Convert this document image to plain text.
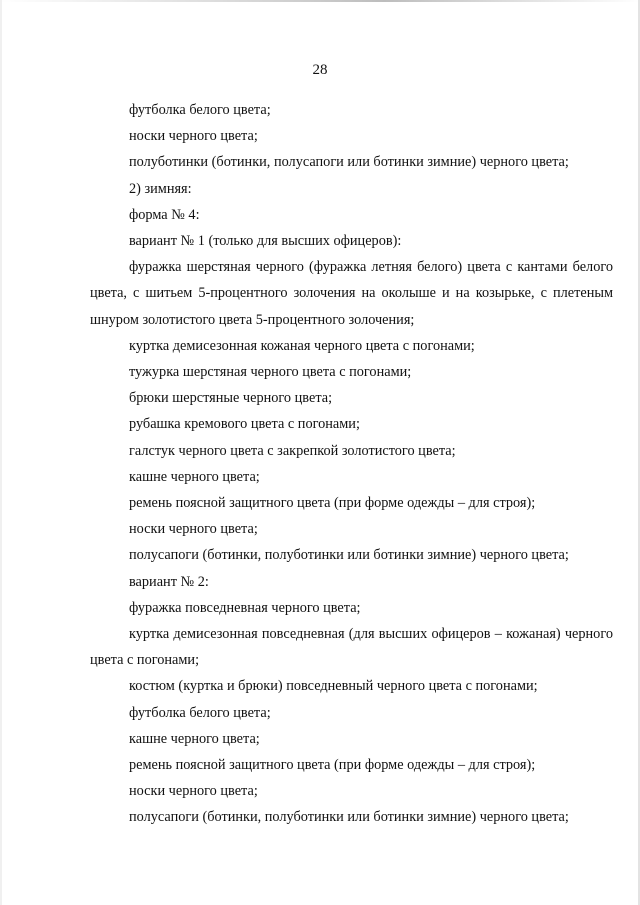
28

футболка белого цвета;

носки черного цвета;

полуботинки (ботинки, полусапоги или ботинки зимние) черного цвета;

2) зимняя:

форма № 4:

вариант № 1 (только для высших офицеров):

фуражка шерстяная черного (фуражка летняя белого) цвета с кантами белого цвета, с шитьем 5-процентного золочения на околыше и на козырьке, с плетеным шнуром золотистого цвета 5-процентного золочения;

куртка демисезонная кожаная черного цвета с погонами;

тужурка шерстяная черного цвета с погонами;

брюки шерстяные черного цвета;

рубашка кремового цвета с погонами;

галстук черного цвета с закрепкой золотистого цвета;

кашне черного цвета;

ремень поясной защитного цвета (при форме одежды – для строя);

носки черного цвета;

полусапоги (ботинки, полуботинки или ботинки зимние) черного цвета;

вариант № 2:

фуражка повседневная черного цвета;

куртка демисезонная повседневная (для высших офицеров – кожаная) черного цвета с погонами;

костюм (куртка и брюки) повседневный черного цвета с погонами;

футболка белого цвета;

кашне черного цвета;

ремень поясной защитного цвета (при форме одежды – для строя);

носки черного цвета;

полусапоги (ботинки, полуботинки или ботинки зимние) черного цвета;
